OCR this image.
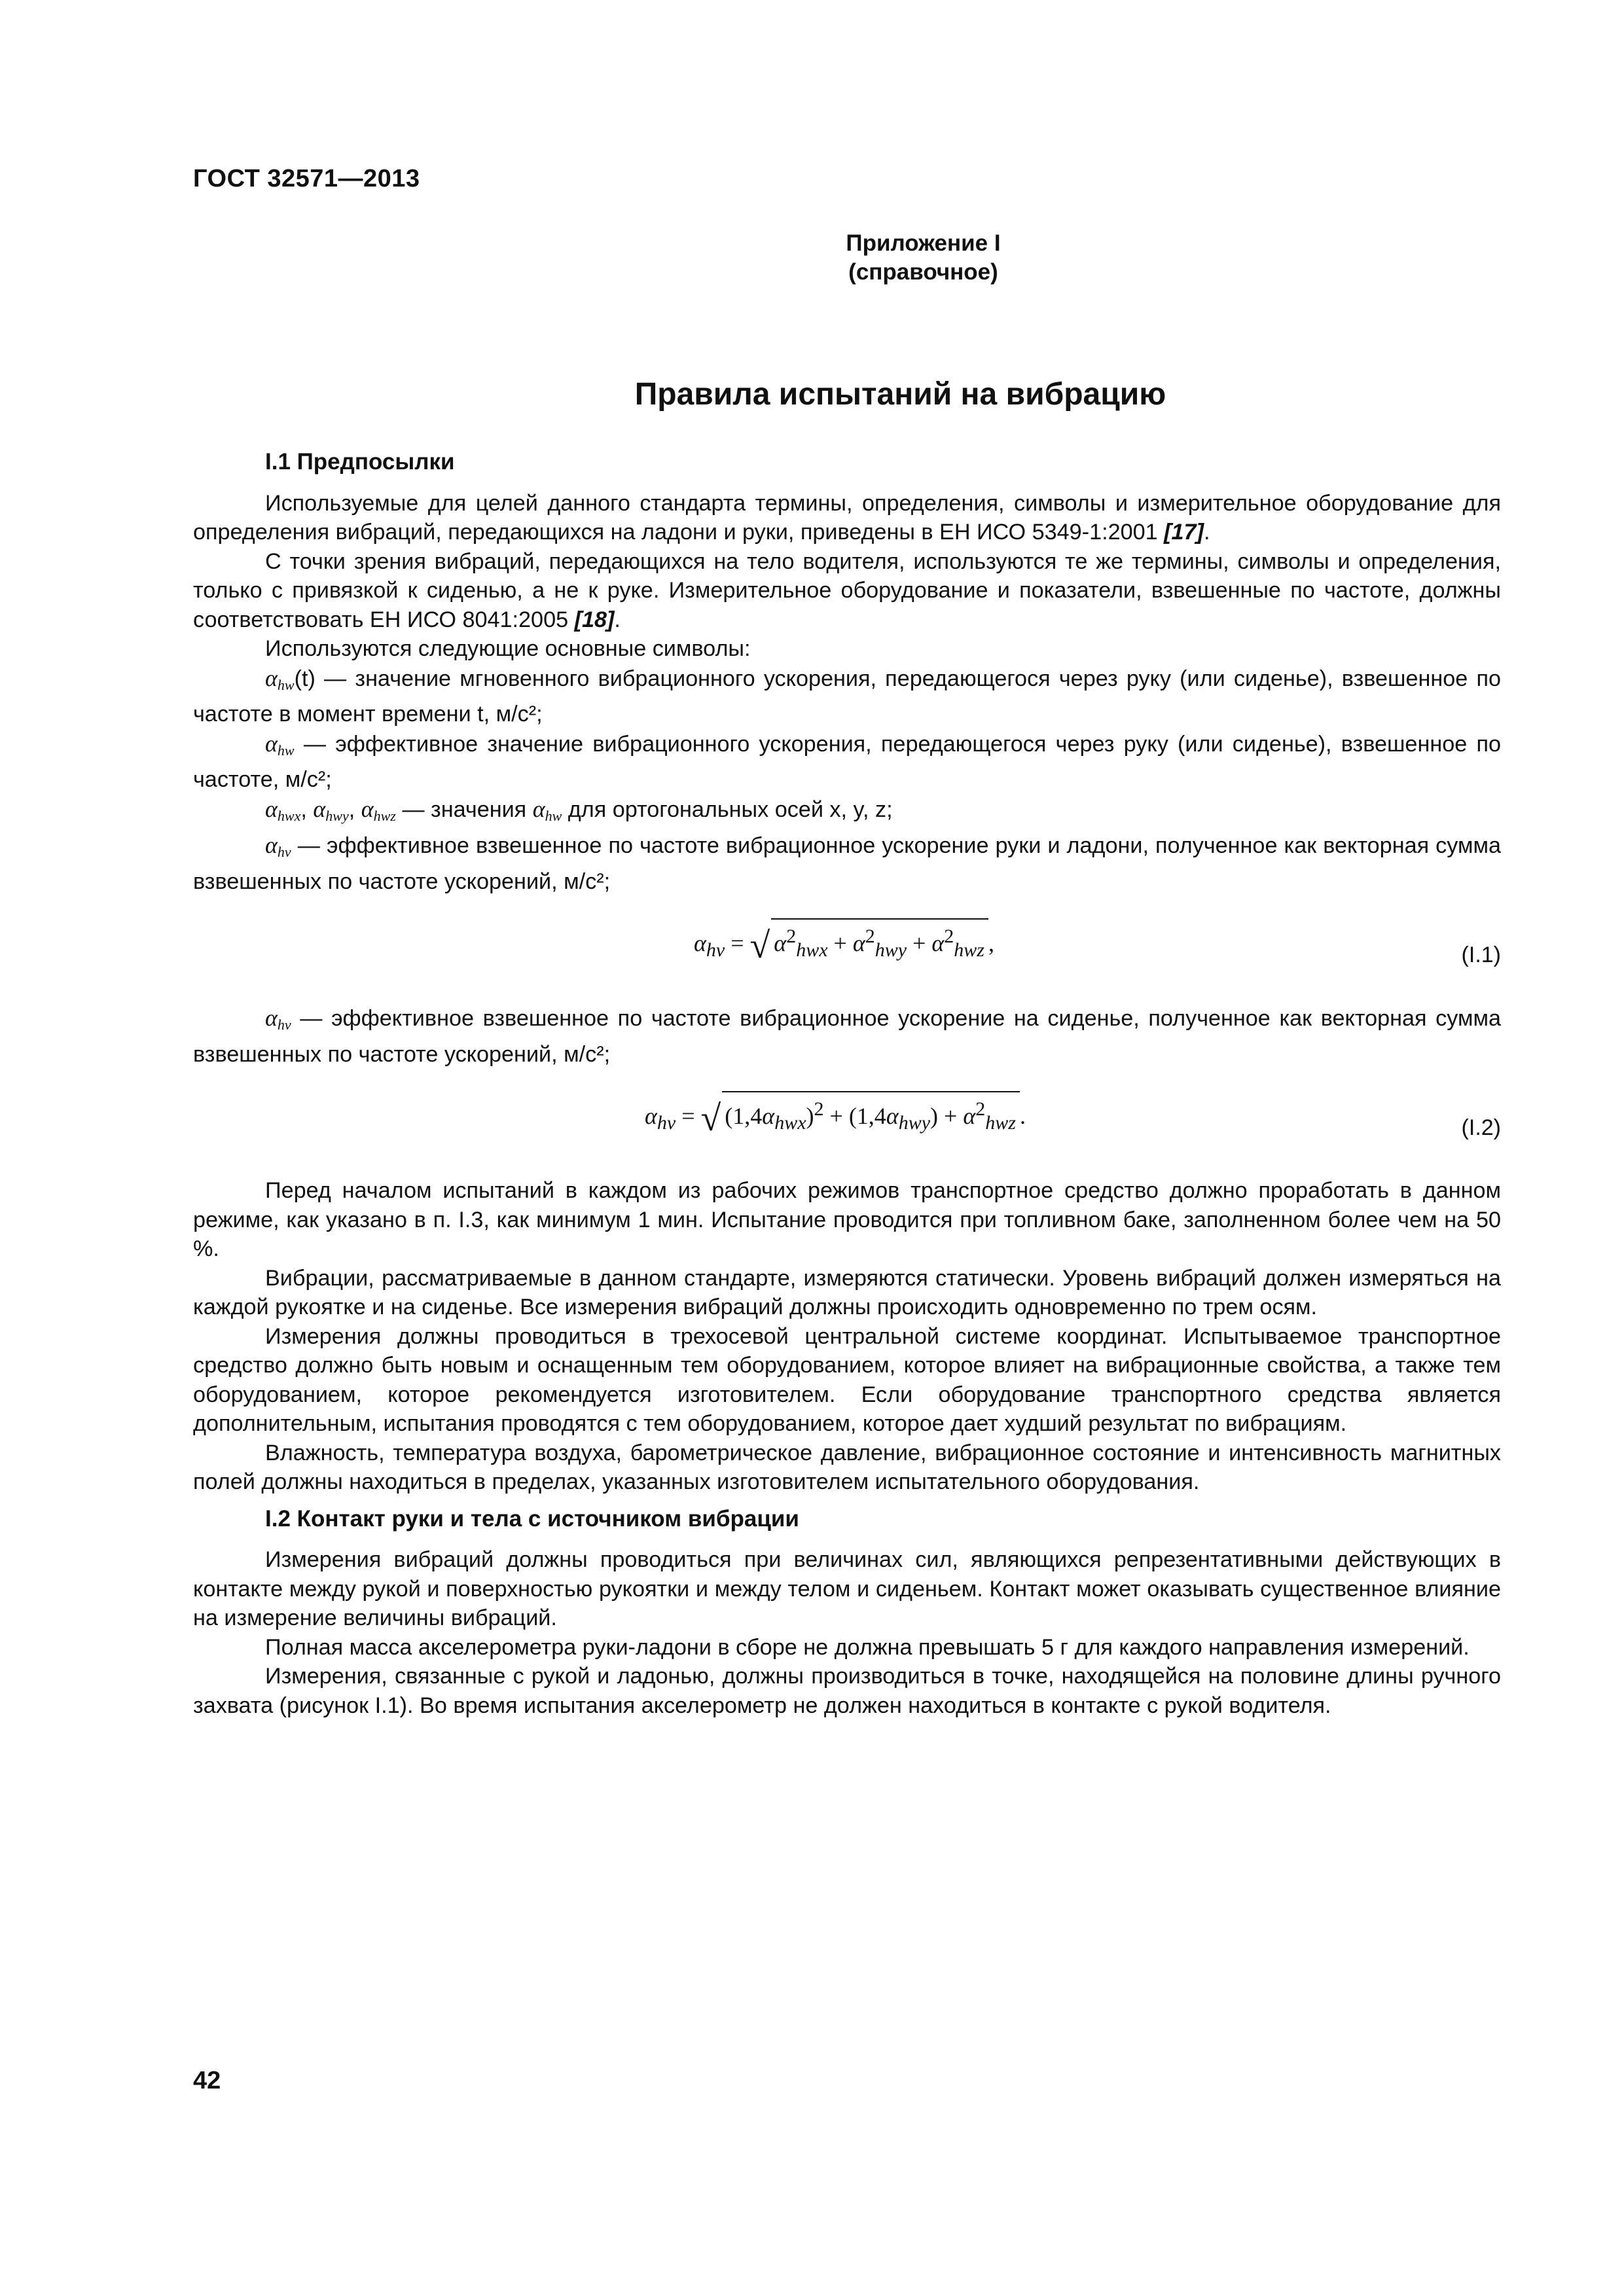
ГОСТ 32571—2013
Приложение I
(справочное)
Правила испытаний на вибрацию
I.1 Предпосылки

Используемые для целей данного стандарта термины, определения, символы и измерительное оборудование для определения вибраций, передающихся на ладони и руки, приведены в ЕН ИСО 5349-1:2001 [17].

С точки зрения вибраций, передающихся на тело водителя, используются те же термины, символы и определения, только с привязкой к сиденью, а не к руке. Измерительное оборудование и показатели, взвешенные по частоте, должны соответствовать ЕН ИСО 8041:2005 [18].

Используются следующие основные символы:

$\alpha_{hw}(t)$ — значение мгновенного вибрационного ускорения, передающегося через руку (или сиденье), взвешенное по частоте в момент времени t, м/с²;

$\alpha_{hw}$ — эффективное значение вибрационного ускорения, передающегося через руку (или сиденье), взвешенное по частоте, м/с²;

$\alpha_{hwx}$, $\alpha_{hwy}$, $\alpha_{hwz}$ — значения $\alpha_{hw}$ для ортогональных осей x, y, z;

$\alpha_{hv}$ — эффективное взвешенное по частоте вибрационное ускорение руки и ладони, полученное как векторная сумма взвешенных по частоте ускорений, м/с²;

$\alpha_{hv}$ = √ $\alpha^2_{hwx} + \alpha^2_{hwy} + \alpha^2_{hwz}$ ,	(I.1)

$\alpha_{hv}$ — эффективное взвешенное по частоте вибрационное ускорение на сиденье, полученное как векторная сумма взвешенных по частоте ускорений, м/с²;

$\alpha_{hv}$ = √ $(1,4\alpha_{hwx})^2 + (1,4\alpha_{hwy}) + \alpha^2_{hwz}$ .	(I.2)

Перед началом испытаний в каждом из рабочих режимов транспортное средство должно проработать в данном режиме, как указано в п. I.3, как минимум 1 мин. Испытание проводится при топливном баке, заполненном более чем на 50 %.

Вибрации, рассматриваемые в данном стандарте, измеряются статически. Уровень вибраций должен измеряться на каждой рукоятке и на сиденье. Все измерения вибраций должны происходить одновременно по трем осям.

Измерения должны проводиться в трехосевой центральной системе координат. Испытываемое транспортное средство должно быть новым и оснащенным тем оборудованием, которое влияет на вибрационные свойства, а также тем оборудованием, которое рекомендуется изготовителем. Если оборудование транспортного средства является дополнительным, испытания проводятся с тем оборудованием, которое дает худший результат по вибрациям.

Влажность, температура воздуха, барометрическое давление, вибрационное состояние и интенсивность магнитных полей должны находиться в пределах, указанных изготовителем испытательного оборудования.

I.2 Контакт руки и тела с источником вибрации

Измерения вибраций должны проводиться при величинах сил, являющихся репрезентативными действующих в контакте между рукой и поверхностью рукоятки и между телом и сиденьем. Контакт может оказывать существенное влияние на измерение величины вибраций.

Полная масса акселерометра руки-ладони в сборе не должна превышать 5 г для каждого направления измерений.

Измерения, связанные с рукой и ладонью, должны производиться в точке, находящейся на половине длины ручного захвата (рисунок I.1). Во время испытания акселерометр не должен находиться в контакте с рукой водителя.

42
